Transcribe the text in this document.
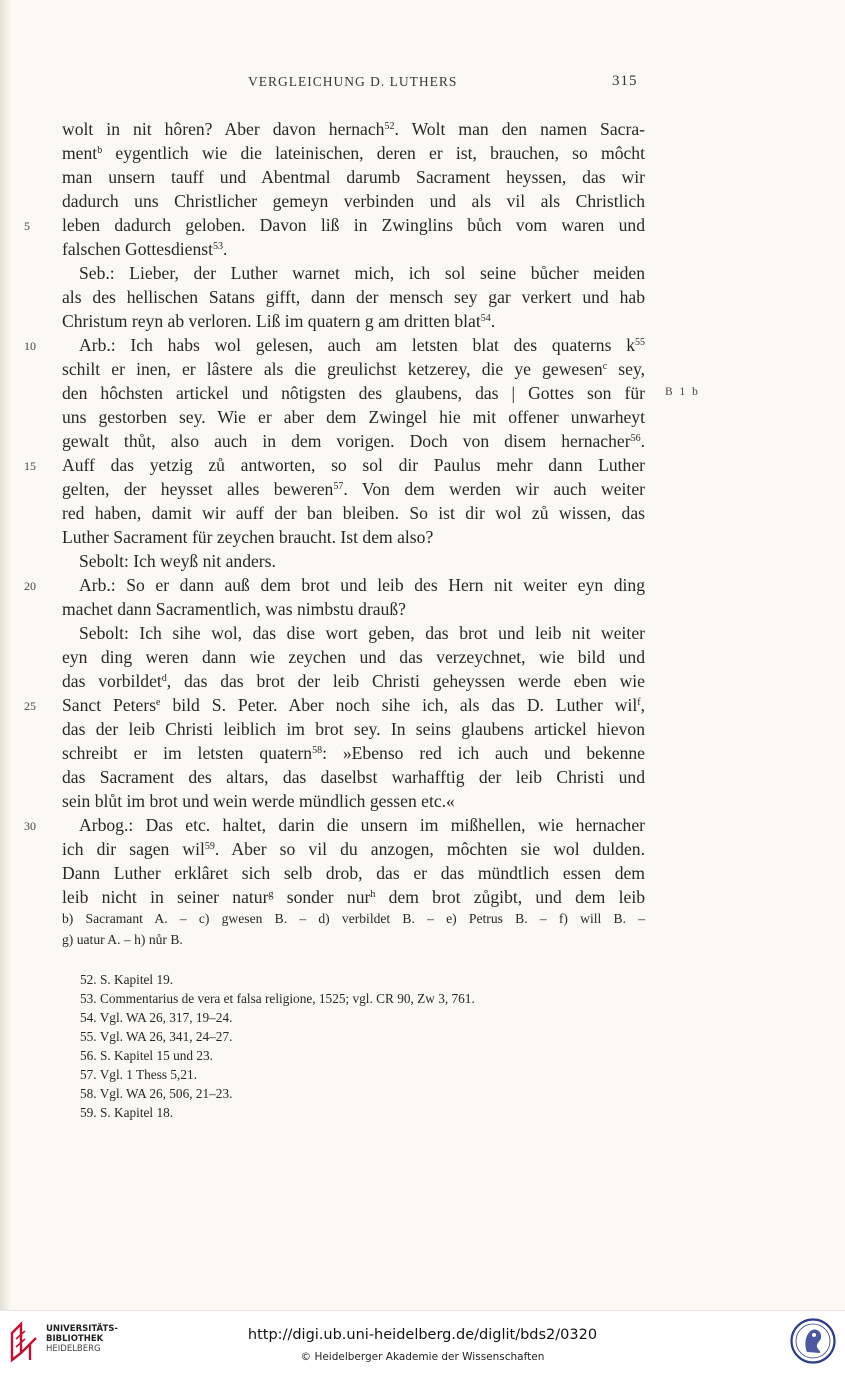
VERGLEICHUNG D. LUTHERS	315
wolt in nit hôren? Aber davon hernach$^{52}$. Wolt man den namen Sacra-
ment$^b$ eygentlich wie die lateinischen, deren er ist, brauchen, so môcht
man unsern tauff und Abentmal darumb Sacrament heyssen, das wir
dadurch uns Christlicher gemeyn verbinden und als vil als Christlich
leben dadurch geloben. Davon liß in Zwinglins bůch vom waren und
5
falschen Gottesdienst$^{53}$.
Seb.: Lieber, der Luther warnet mich, ich sol seine bůcher meiden
als des hellischen Satans gifft, dann der mensch sey gar verkert und hab
Christum reyn ab verloren. Liß im quatern g am dritten blat$^{54}$.
Arb.: Ich habs wol gelesen, auch am letsten blat des quaterns $k^{55}$
10
schilt er inen, er lâstere als die greulichst ketzerey, die ye gewesen$^c$ sey,
den hôchsten artickel und nôtigsten des glaubens, das | Gottes son für B 1 b
uns gestorben sey. Wie er aber dem Zwingel hie mit offener unwarheyt
gewalt thůt, also auch in dem vorigen. Doch von disem hernacher$^{56}$.
Auff das yetzig zů antworten, so sol dir Paulus mehr dann Luther
15
gelten, der heysset alles beweren$^{57}$. Von dem werden wir auch weiter
red haben, damit wir auff der ban bleiben. So ist dir wol zů wissen, das
Luther Sacrament für zeychen braucht. Ist dem also?
Sebolt: Ich weyß nit anders.
Arb.: So er dann auß dem brot und leib des Hern nit weiter eyn ding
20
machet dann Sacramentlich, was nimbstu drauß?
Sebolt: Ich sihe wol, das dise wort geben, das brot und leib nit weiter
eyn ding weren dann wie zeychen und das verzeychnet, wie bild und
das vorbildet$^d$, das das brot der leib Christi geheyssen werde eben wie
Sanct Peters$^e$ bild S. Peter. Aber noch sihe ich, als das D. Luther wil$^f$,
25
das der leib Christi leiblich im brot sey. In seins glaubens artickel hievon
schreibt er im letsten quatern$^{58}$: »Ebenso red ich auch und bekenne
das Sacrament des altars, das daselbst warhafftig der leib Christi und
sein blůt im brot und wein werde mündlich gessen etc.«
Arbog.: Das etc. haltet, darin die unsern im mißhellen, wie hernacher
30
ich dir sagen wil$^{59}$. Aber so vil du anzogen, môchten sie wol dulden.
Dann Luther erklâret sich selb drob, das er das mündtlich essen dem
leib nicht in seiner natur$^g$ sonder nur$^h$ dem brot zůgibt, und dem leib
b) Sacramant A. – c) gwesen B. – d) verbildet B. – e) Petrus B. – f) will B. –
g) uatur A. – h) nůr B.
52. S. Kapitel 19.
53. Commentarius de vera et falsa religione, 1525; vgl. CR 90, Zw 3, 761.
54. Vgl. WA 26, 317, 19–24.
55. Vgl. WA 26, 341, 24–27.
56. S. Kapitel 15 und 23.
57. Vgl. 1 Thess 5,21.
58. Vgl. WA 26, 506, 21–23.
59. S. Kapitel 18.
UNIVERSITÄTS-
BIBLIOTHEK
HEIDELBERG
http://digi.ub.uni-heidelberg.de/diglit/bds2/0320
© Heidelberger Akademie der Wissenschaften
